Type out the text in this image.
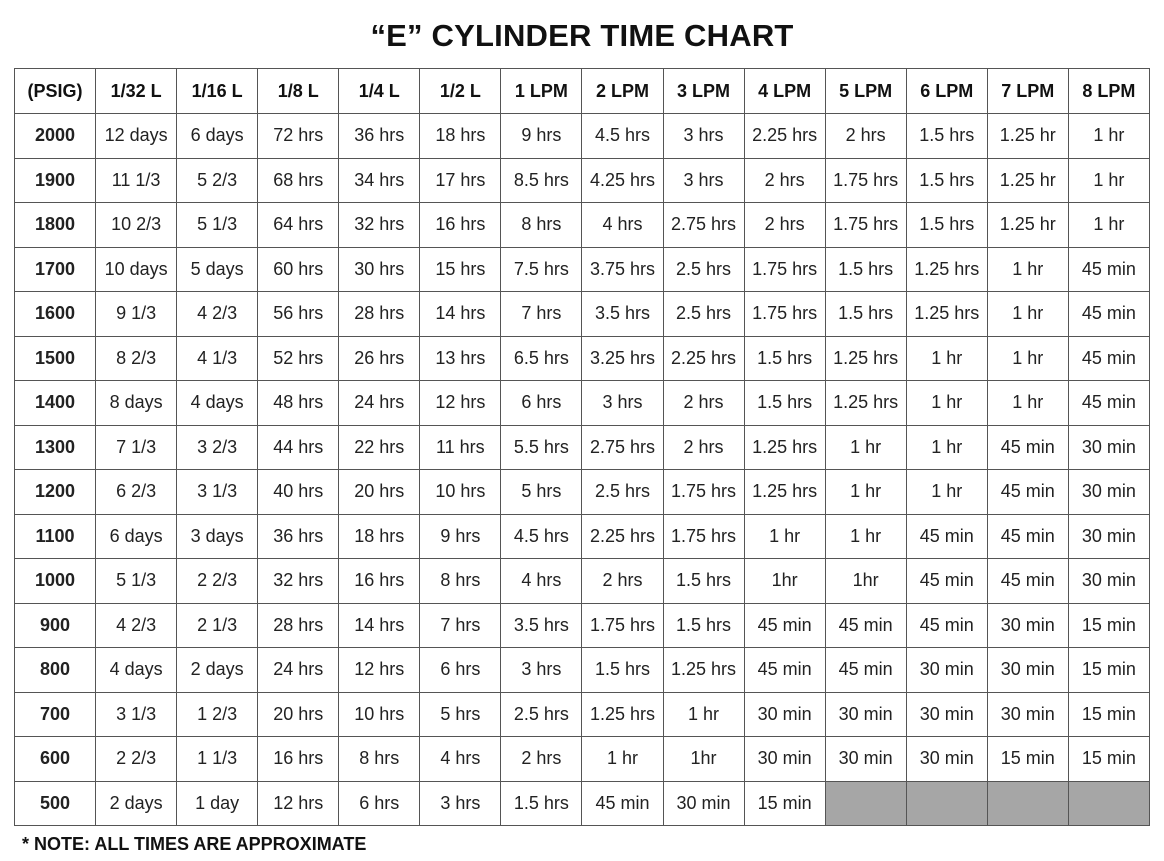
“E” CYLINDER TIME CHART
(PSIG)	1/32 L	1/16 L	1/8 L	1/4 L	1/2 L	1 LPM	2 LPM	3 LPM	4 LPM	5 LPM	6 LPM	7 LPM	8 LPM
2000	12 days	6 days	72 hrs	36 hrs	18 hrs	9 hrs	4.5 hrs	3 hrs	2.25 hrs	2 hrs	1.5 hrs	1.25 hr	1 hr
1900	11 1/3	5 2/3	68 hrs	34 hrs	17 hrs	8.5 hrs	4.25 hrs	3 hrs	2 hrs	1.75 hrs	1.5 hrs	1.25 hr	1 hr
1800	10 2/3	5 1/3	64 hrs	32 hrs	16 hrs	8 hrs	4 hrs	2.75 hrs	2 hrs	1.75 hrs	1.5 hrs	1.25 hr	1 hr
1700	10 days	5 days	60 hrs	30 hrs	15 hrs	7.5 hrs	3.75 hrs	2.5 hrs	1.75 hrs	1.5 hrs	1.25 hrs	1 hr	45 min
1600	9 1/3	4 2/3	56 hrs	28 hrs	14 hrs	7 hrs	3.5 hrs	2.5 hrs	1.75 hrs	1.5 hrs	1.25 hrs	1 hr	45 min
1500	8 2/3	4 1/3	52 hrs	26 hrs	13 hrs	6.5 hrs	3.25 hrs	2.25 hrs	1.5 hrs	1.25 hrs	1 hr	1 hr	45 min
1400	8 days	4 days	48 hrs	24 hrs	12 hrs	6 hrs	3 hrs	2 hrs	1.5 hrs	1.25 hrs	1 hr	1 hr	45 min
1300	7 1/3	3 2/3	44 hrs	22 hrs	11 hrs	5.5 hrs	2.75 hrs	2 hrs	1.25 hrs	1 hr	1 hr	45 min	30 min
1200	6 2/3	3 1/3	40 hrs	20 hrs	10 hrs	5 hrs	2.5 hrs	1.75 hrs	1.25 hrs	1 hr	1 hr	45 min	30 min
1100	6 days	3 days	36 hrs	18 hrs	9 hrs	4.5 hrs	2.25 hrs	1.75 hrs	1 hr	1 hr	45 min	45 min	30 min
1000	5 1/3	2 2/3	32 hrs	16 hrs	8 hrs	4 hrs	2 hrs	1.5 hrs	1hr	1hr	45 min	45 min	30 min
900	4 2/3	2 1/3	28 hrs	14 hrs	7 hrs	3.5 hrs	1.75 hrs	1.5 hrs	45 min	45 min	45 min	30 min	15 min
800	4 days	2 days	24 hrs	12 hrs	6 hrs	3 hrs	1.5 hrs	1.25 hrs	45 min	45 min	30 min	30 min	15 min
700	3 1/3	1 2/3	20 hrs	10 hrs	5 hrs	2.5 hrs	1.25 hrs	1 hr	30 min	30 min	30 min	30 min	15 min
600	2 2/3	1 1/3	16 hrs	8 hrs	4 hrs	2 hrs	1 hr	1hr	30 min	30 min	30 min	15 min	15 min
500	2 days	1 day	12 hrs	6 hrs	3 hrs	1.5 hrs	45 min	30 min	15 min				
* NOTE: ALL TIMES ARE APPROXIMATE
